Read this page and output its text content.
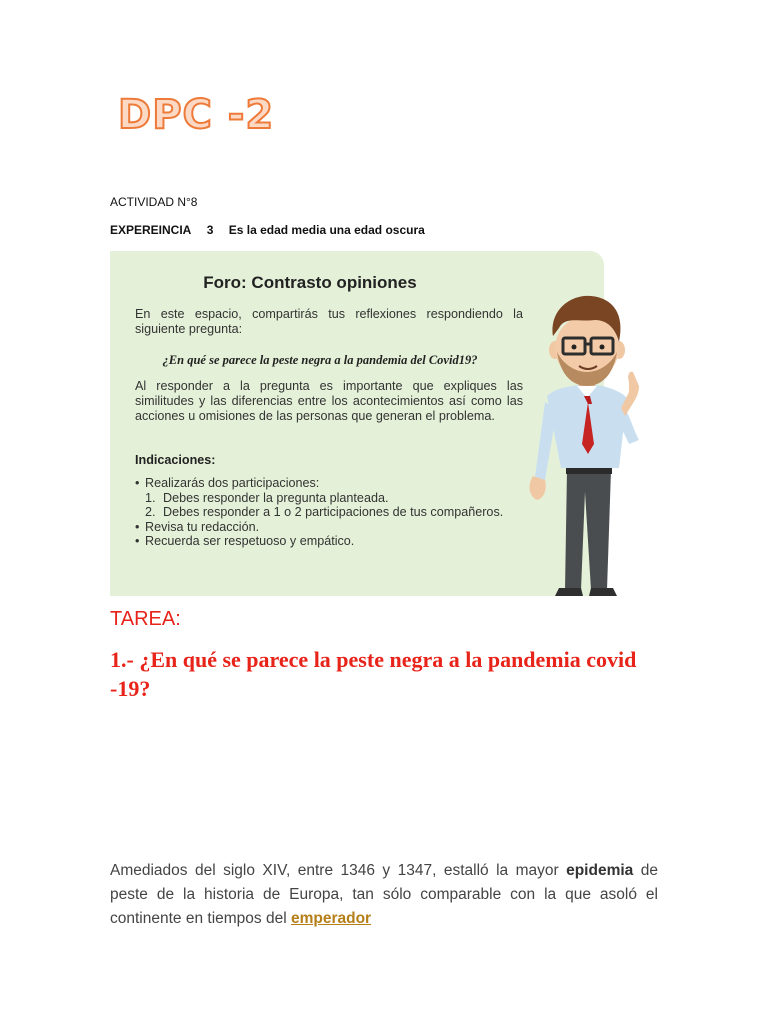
DPC -2
ACTIVIDAD N°8
EXPEREINCIA 3 Es la edad media una edad oscura
Foro: Contrasto opiniones

En este espacio, compartirás tus reflexiones respondiendo la siguiente pregunta:

¿En qué se parece la peste negra a la pandemia del Covid19?

Al responder a la pregunta es importante que expliques las similitudes y las diferencias entre los acontecimientos así como las acciones u omisiones de las personas que generan el problema.

Indicaciones:
• Realizarás dos participaciones:
1. Debes responder la pregunta planteada.
2. Debes responder a 1 o 2 participaciones de tus compañeros.
• Revisa tu redacción.
• Recuerda ser respetuoso y empático.
TAREA:
1.- ¿En qué se parece la peste negra a la pandemia covid -19?

Amediados del siglo XIV, entre 1346 y 1347, estalló la mayor epidemia de peste de la historia de Europa, tan sólo comparable con la que asoló el continente en tiempos del emperador
